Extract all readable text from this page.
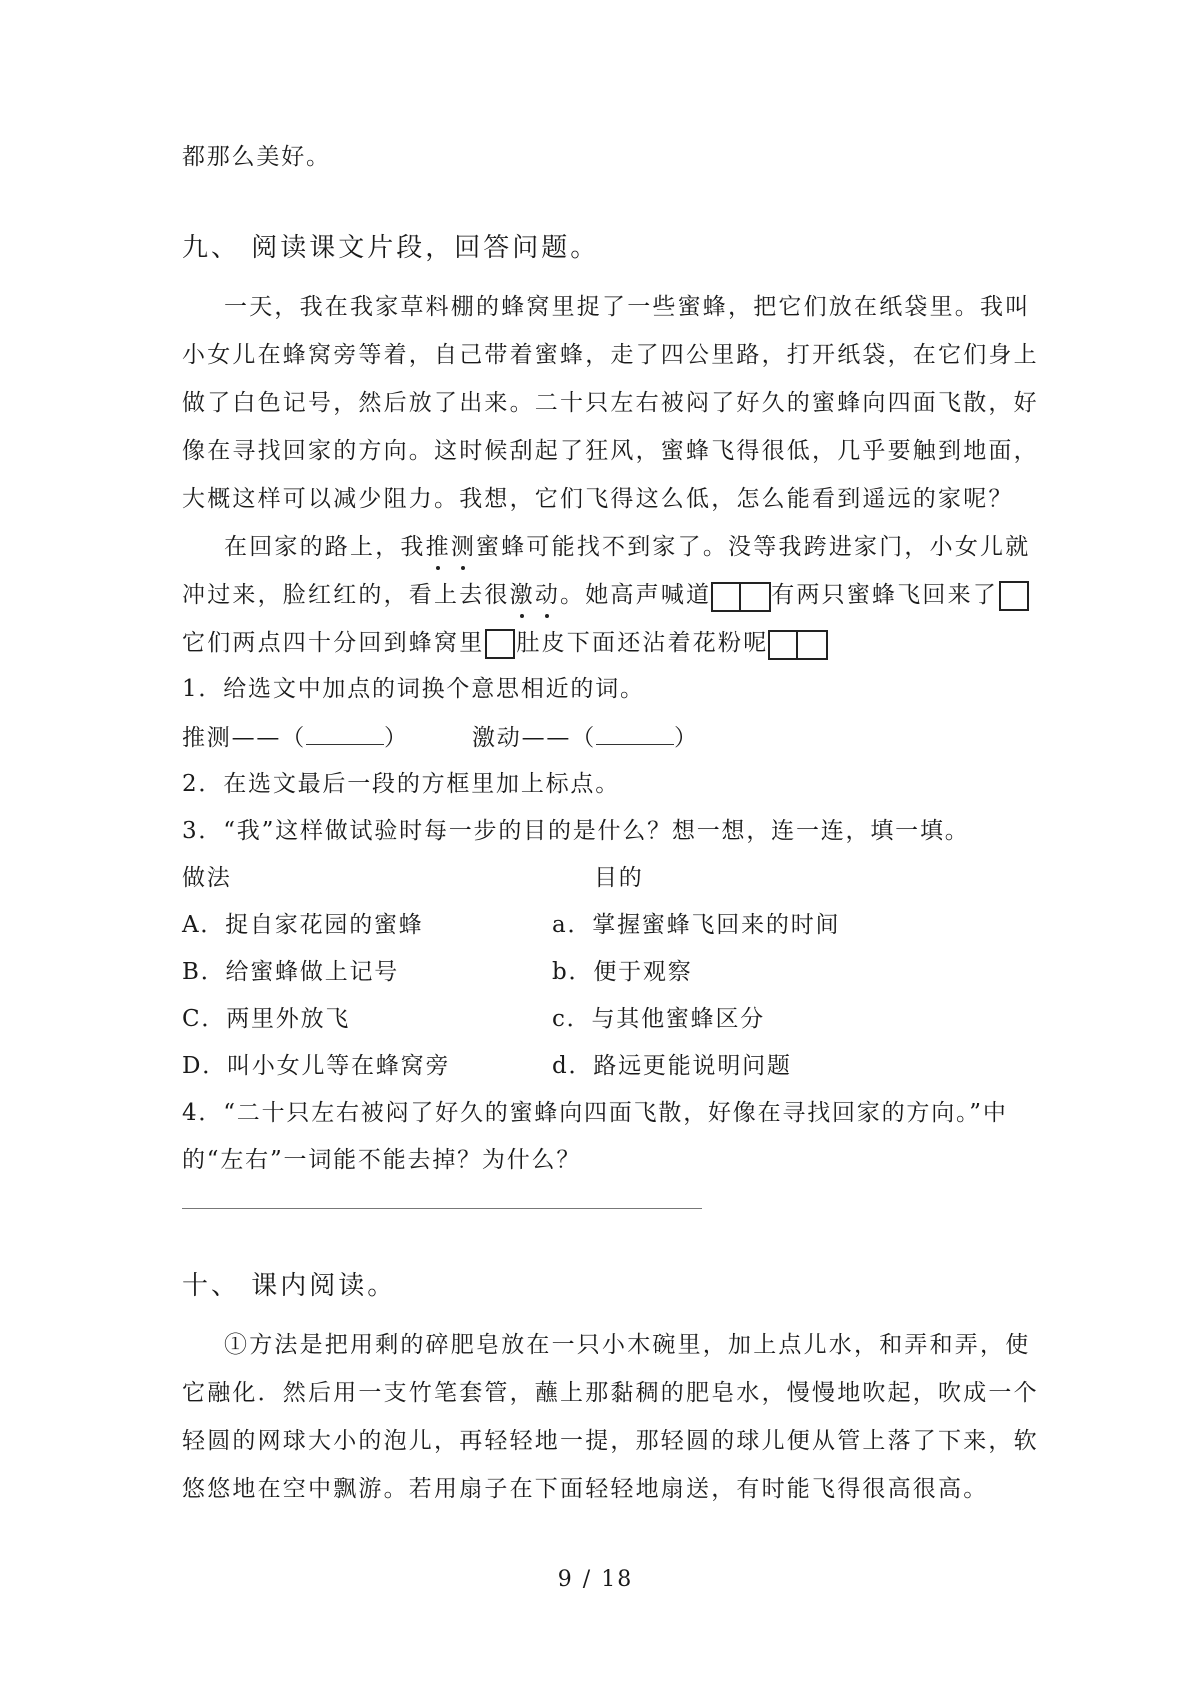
都那么美好。
九、 阅读课文片段，回答问题。
一天，我在我家草料棚的蜂窝里捉了一些蜜蜂，把它们放在纸袋里。我叫
小女儿在蜂窝旁等着，自己带着蜜蜂，走了四公里路，打开纸袋，在它们身上
做了白色记号，然后放了出来。二十只左右被闷了好久的蜜蜂向四面飞散，好
像在寻找回家的方向。这时候刮起了狂风，蜜蜂飞得很低，几乎要触到地面，
大概这样可以减少阻力。我想，它们飞得这么低，怎么能看到遥远的家呢？
在回家的路上，我推测蜜蜂可能找不到家了。没等我跨进家门，小女儿就
冲过来，脸红红的，看上去很激动。她高声喊道	有两只蜜蜂飞回来了
它们两点四十分回到蜂窝里 肚皮下面还沾着花粉呢
1．给选文中加点的词换个意思相近的词。
推测——（	）	激动——（	）
2．在选文最后一段的方框里加上标点。
3．“我”这样做试验时每一步的目的是什么？想一想，连一连，填一填。
做法	目的
A．捉自家花园的蜜蜂	a．掌握蜜蜂飞回来的时间
B．给蜜蜂做上记号	b．便于观察
C．两里外放飞	c．与其他蜜蜂区分
D．叫小女儿等在蜂窝旁	d．路远更能说明问题
4．“二十只左右被闷了好久的蜜蜂向四面飞散，好像在寻找回家的方向。”中
的“左右”一词能不能去掉？为什么？
十、 课内阅读。
①方法是把用剩的碎肥皂放在一只小木碗里，加上点儿水，和弄和弄，使
它融化．然后用一支竹笔套管，蘸上那黏稠的肥皂水，慢慢地吹起，吹成一个
轻圆的网球大小的泡儿，再轻轻地一提，那轻圆的球儿便从管上落了下来，软
悠悠地在空中飘游。若用扇子在下面轻轻地扇送，有时能飞得很高很高。
9 / 18
